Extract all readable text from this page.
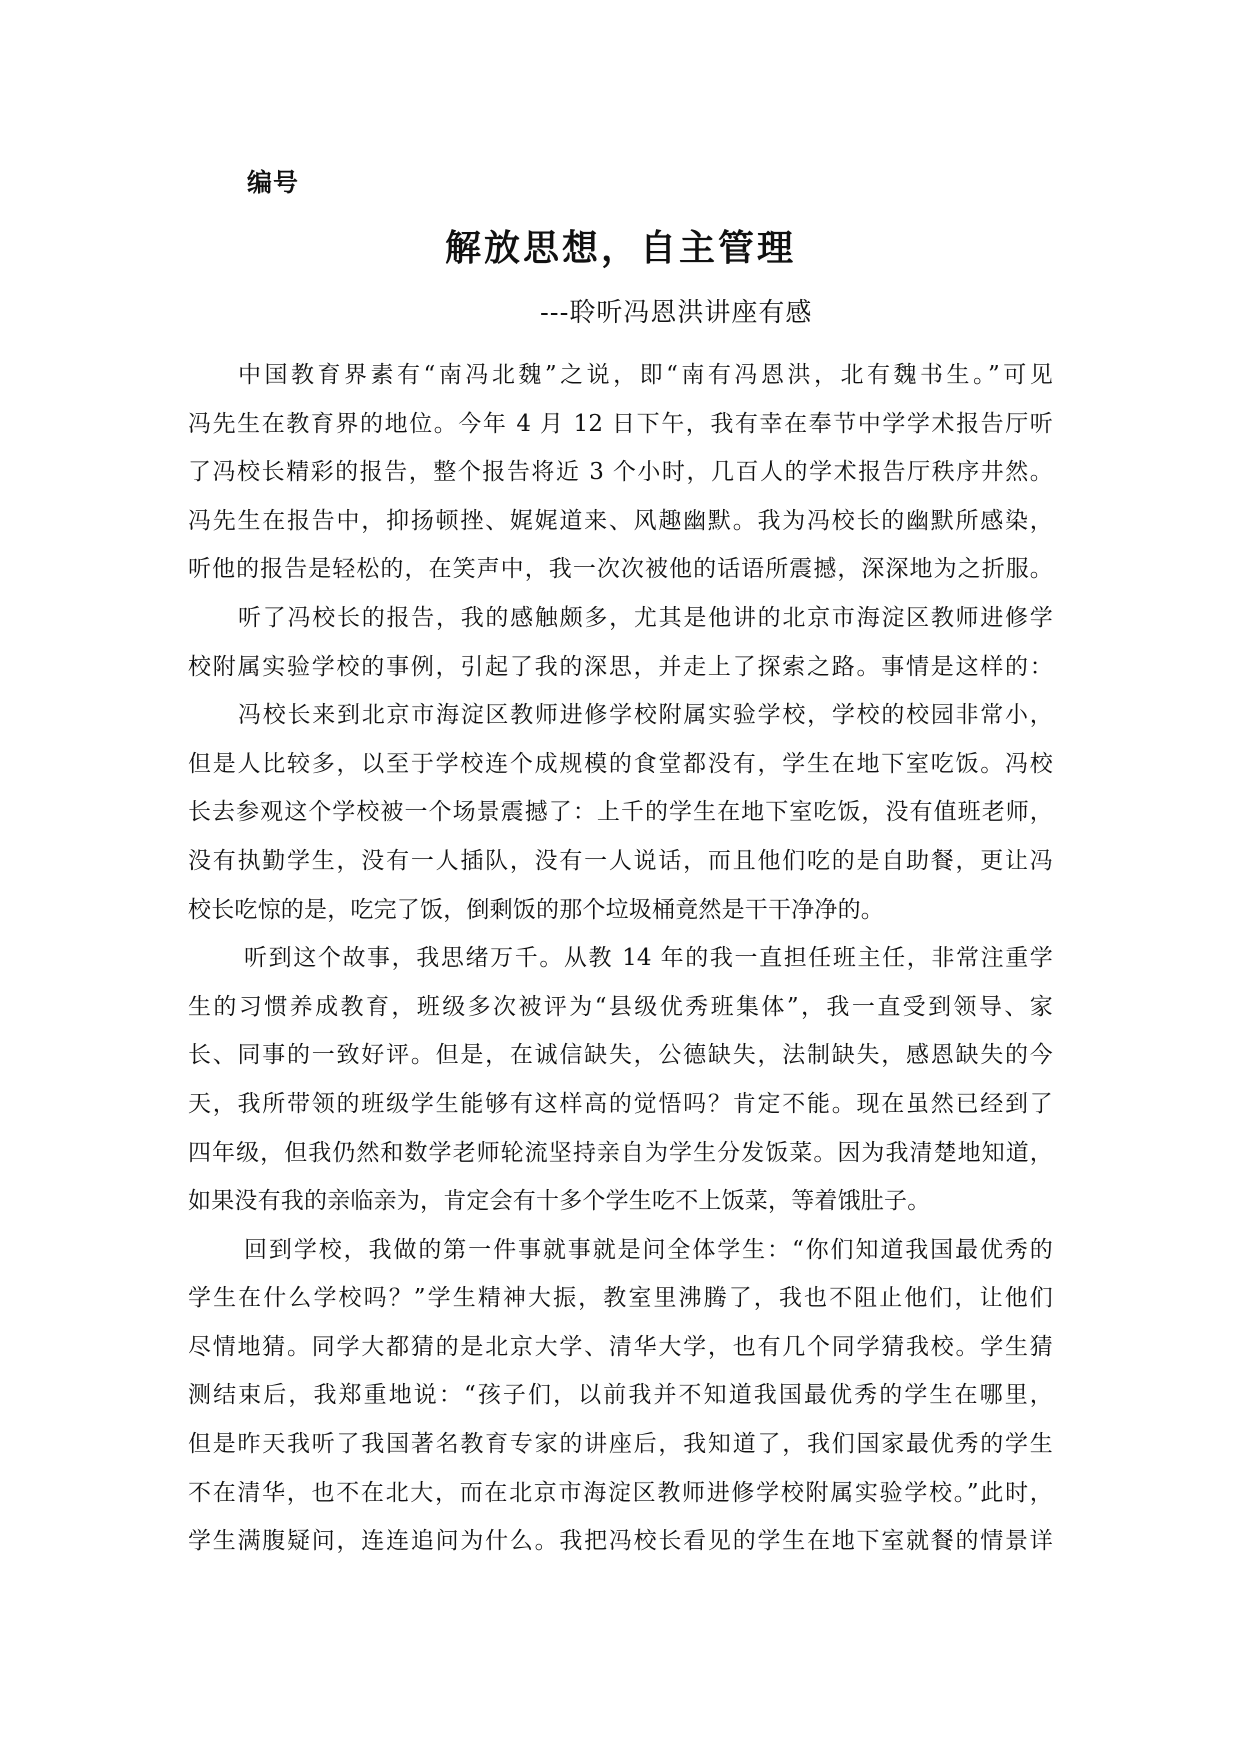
编号
解放思想，自主管理
---聆听冯恩洪讲座有感
中国教育界素有“南冯北魏”之说，即“南有冯恩洪，北有魏书生。”可见
冯先生在教育界的地位。今年 4 月 12 日下午，我有幸在奉节中学学术报告厅听
了冯校长精彩的报告，整个报告将近 3 个小时，几百人的学术报告厅秩序井然。
冯先生在报告中，抑扬顿挫、娓娓道来、风趣幽默。我为冯校长的幽默所感染，
听他的报告是轻松的，在笑声中，我一次次被他的话语所震撼，深深地为之折服。
听了冯校长的报告，我的感触颇多，尤其是他讲的北京市海淀区教师进修学
校附属实验学校的事例，引起了我的深思，并走上了探索之路。事情是这样的：
冯校长来到北京市海淀区教师进修学校附属实验学校，学校的校园非常小，
但是人比较多，以至于学校连个成规模的食堂都没有，学生在地下室吃饭。冯校
长去参观这个学校被一个场景震撼了：上千的学生在地下室吃饭，没有值班老师，
没有执勤学生，没有一人插队，没有一人说话，而且他们吃的是自助餐，更让冯
校长吃惊的是，吃完了饭，倒剩饭的那个垃圾桶竟然是干干净净的。
听到这个故事，我思绪万千。从教 14 年的我一直担任班主任，非常注重学
生的习惯养成教育，班级多次被评为“县级优秀班集体”，我一直受到领导、家
长、同事的一致好评。但是，在诚信缺失，公德缺失，法制缺失，感恩缺失的今
天，我所带领的班级学生能够有这样高的觉悟吗？肯定不能。现在虽然已经到了
四年级，但我仍然和数学老师轮流坚持亲自为学生分发饭菜。因为我清楚地知道，
如果没有我的亲临亲为，肯定会有十多个学生吃不上饭菜，等着饿肚子。
回到学校，我做的第一件事就事就是问全体学生：“你们知道我国最优秀的
学生在什么学校吗？”学生精神大振，教室里沸腾了，我也不阻止他们，让他们
尽情地猜。同学大都猜的是北京大学、清华大学，也有几个同学猜我校。学生猜
测结束后，我郑重地说：“孩子们，以前我并不知道我国最优秀的学生在哪里，
但是昨天我听了我国著名教育专家的讲座后，我知道了，我们国家最优秀的学生
不在清华，也不在北大，而在北京市海淀区教师进修学校附属实验学校。”此时，
学生满腹疑问，连连追问为什么。我把冯校长看见的学生在地下室就餐的情景详
